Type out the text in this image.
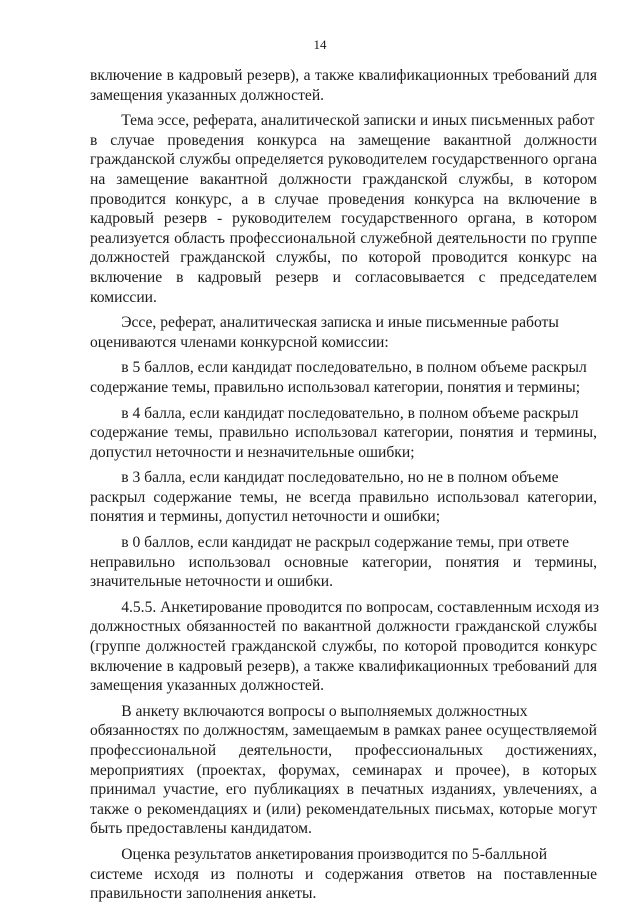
14
включение в кадровый резерв), а также квалификационных требований для
замещения указанных должностей.
Тема эссе, реферата, аналитической записки и иных письменных работ
в случае проведения конкурса на замещение вакантной должности
гражданской службы определяется руководителем государственного органа
на замещение вакантной должности гражданской службы, в котором
проводится конкурс, а в случае проведения конкурса на включение в
кадровый резерв - руководителем государственного органа, в котором
реализуется область профессиональной служебной деятельности по группе
должностей гражданской службы, по которой проводится конкурс на
включение в кадровый резерв и согласовывается с председателем
комиссии.
Эссе, реферат, аналитическая записка и иные письменные работы
оцениваются членами конкурсной комиссии:
в 5 баллов, если кандидат последовательно, в полном объеме раскрыл
содержание темы, правильно использовал категории, понятия и термины;
в 4 балла, если кандидат последовательно, в полном объеме раскрыл
содержание темы, правильно использовал категории, понятия и термины,
допустил неточности и незначительные ошибки;
в 3 балла, если кандидат последовательно, но не в полном объеме
раскрыл содержание темы, не всегда правильно использовал категории,
понятия и термины, допустил неточности и ошибки;
в 0 баллов, если кандидат не раскрыл содержание темы, при ответе
неправильно использовал основные категории, понятия и термины,
значительные неточности и ошибки.
4.5.5. Анкетирование проводится по вопросам, составленным исходя из
должностных обязанностей по вакантной должности гражданской службы
(группе должностей гражданской службы, по которой проводится конкурс
включение в кадровый резерв), а также квалификационных требований для
замещения указанных должностей.
В анкету включаются вопросы о выполняемых должностных
обязанностях по должностям, замещаемым в рамках ранее осуществляемой
профессиональной деятельности, профессиональных достижениях,
мероприятиях (проектах, форумах, семинарах и прочее), в которых
принимал участие, его публикациях в печатных изданиях, увлечениях, а
также о рекомендациях и (или) рекомендательных письмах, которые могут
быть предоставлены кандидатом.
Оценка результатов анкетирования производится по 5-балльной
системе исходя из полноты и содержания ответов на поставленные
правильности заполнения анкеты.
